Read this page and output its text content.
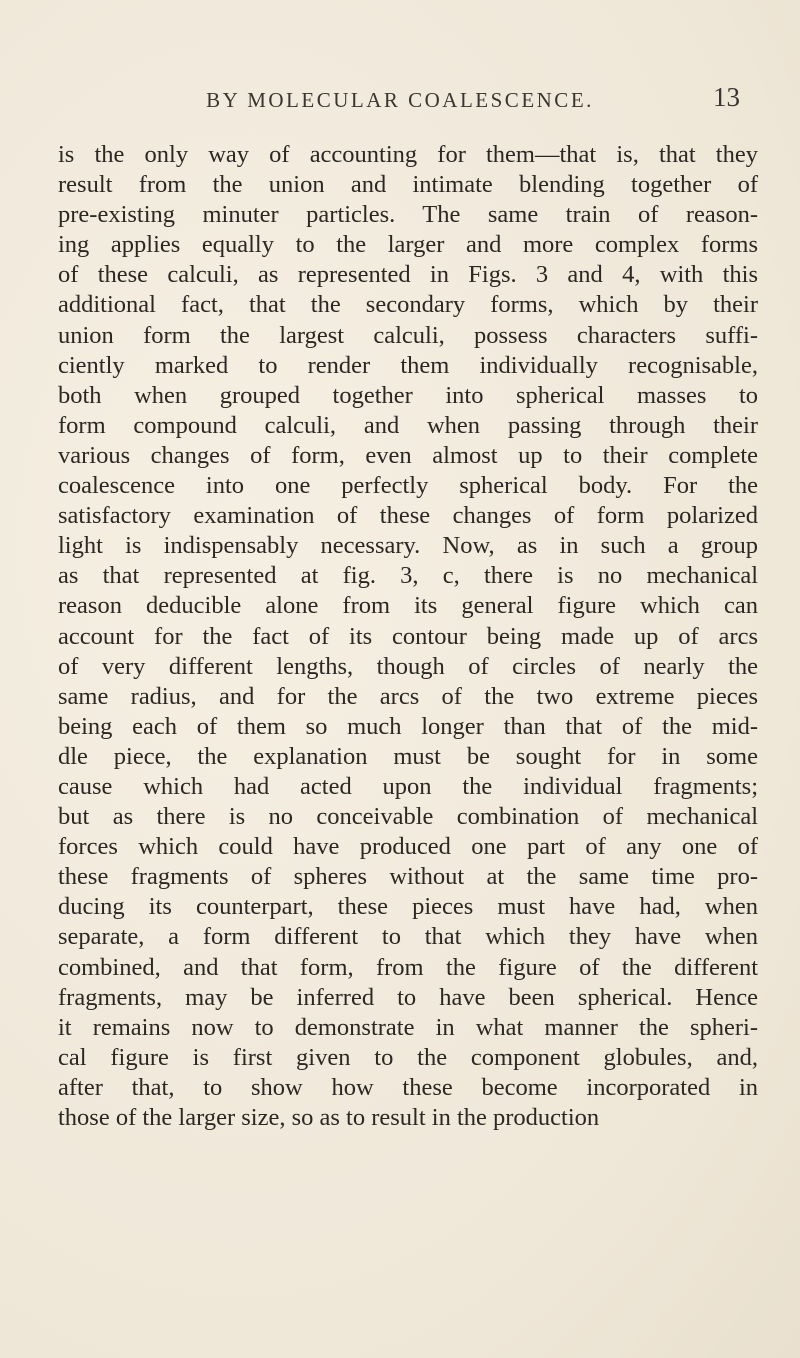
BY MOLECULAR COALESCENCE.	13
is the only way of accounting for them—that is, that they
result from the union and intimate blending together of
pre-existing minuter particles. The same train of reason-
ing applies equally to the larger and more complex forms
of these calculi, as represented in Figs. 3 and 4, with this
additional fact, that the secondary forms, which by their
union form the largest calculi, possess characters suffi-
ciently marked to render them individually recognisable,
both when grouped together into spherical masses to
form compound calculi, and when passing through their
various changes of form, even almost up to their complete
coalescence into one perfectly spherical body. For the
satisfactory examination of these changes of form polarized
light is indispensably necessary. Now, as in such a group
as that represented at fig. 3, c, there is no mechanical
reason deducible alone from its general figure which can
account for the fact of its contour being made up of arcs
of very different lengths, though of circles of nearly the
same radius, and for the arcs of the two extreme pieces
being each of them so much longer than that of the mid-
dle piece, the explanation must be sought for in some
cause which had acted upon the individual fragments;
but as there is no conceivable combination of mechanical
forces which could have produced one part of any one of
these fragments of spheres without at the same time pro-
ducing its counterpart, these pieces must have had, when
separate, a form different to that which they have when
combined, and that form, from the figure of the different
fragments, may be inferred to have been spherical. Hence
it remains now to demonstrate in what manner the spheri-
cal figure is first given to the component globules, and,
after that, to show how these become incorporated in
those of the larger size, so as to result in the production
